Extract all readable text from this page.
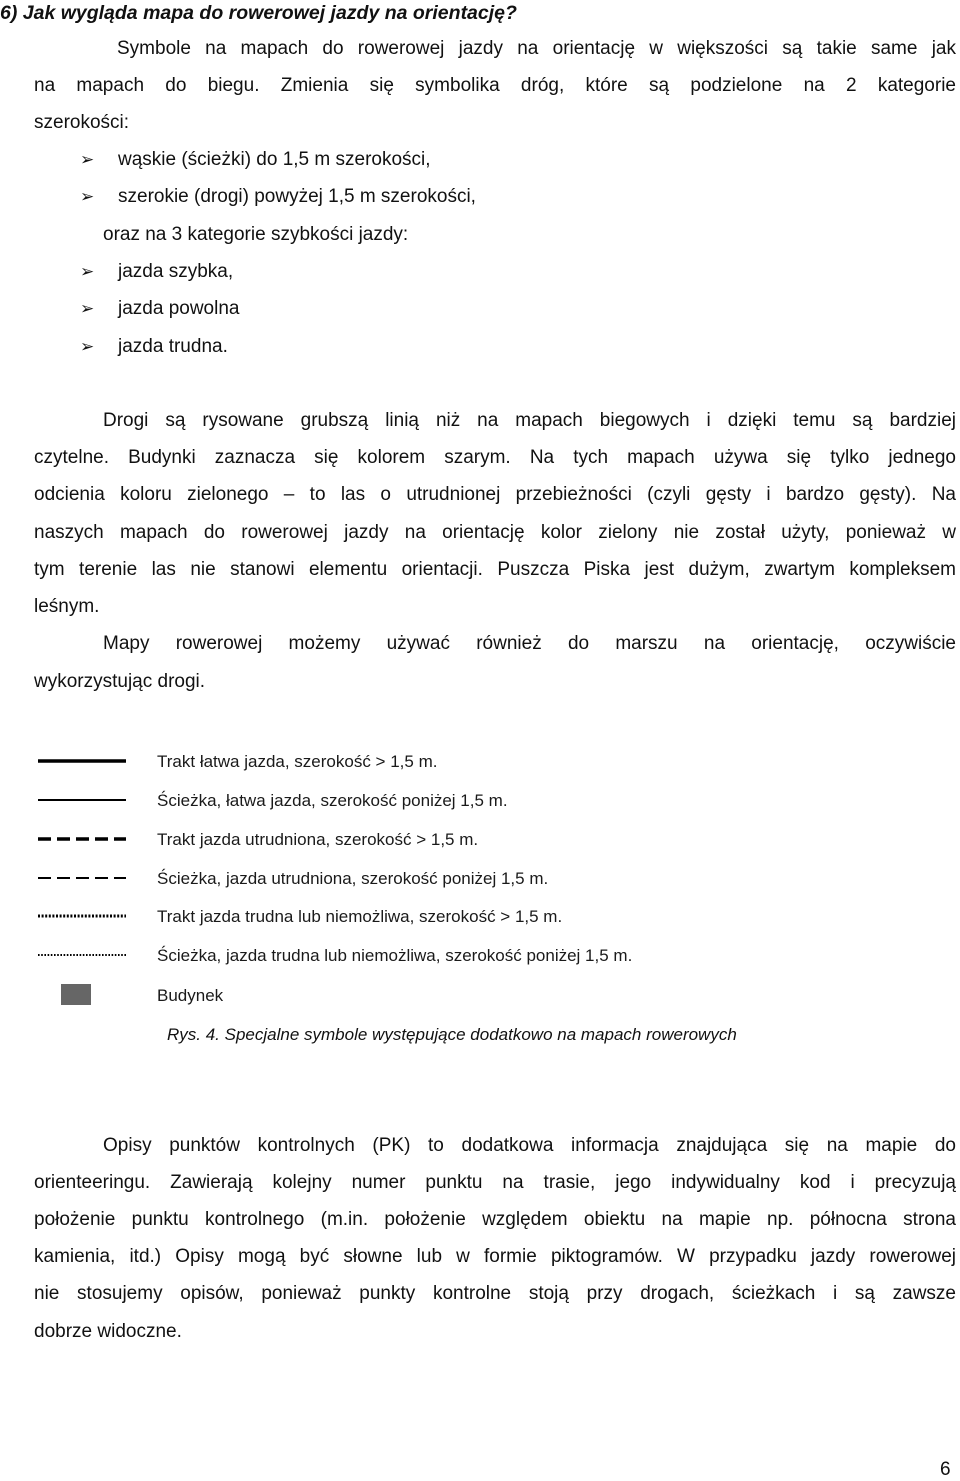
6) Jak wygląda mapa do rowerowej jazdy na orientację?
Symbole na mapach do rowerowej jazdy na orientację w większości są takie same jak
na mapach do biegu. Zmienia się symbolika dróg, które są podzielone na 2 kategorie
szerokości:
➢ wąskie (ścieżki) do 1,5 m szerokości,
➢ szerokie (drogi) powyżej 1,5 m szerokości,
oraz na 3 kategorie szybkości jazdy:
➢ jazda szybka,
➢ jazda powolna
➢ jazda trudna.
Drogi są rysowane grubszą linią niż na mapach biegowych i dzięki temu są bardziej
czytelne. Budynki zaznacza się kolorem szarym. Na tych mapach używa się tylko jednego
odcienia koloru zielonego – to las o utrudnionej przebieżności (czyli gęsty i bardzo gęsty). Na
naszych mapach do rowerowej jazdy na orientację kolor zielony nie został użyty, ponieważ w
tym terenie las nie stanowi elementu orientacji. Puszcza Piska jest dużym, zwartym kompleksem
leśnym.
Mapy rowerowej możemy używać również do marszu na orientację, oczywiście
wykorzystując drogi.
Trakt łatwa jazda, szerokość > 1,5 m.
Ścieżka, łatwa jazda, szerokość poniżej 1,5 m.
Trakt jazda utrudniona, szerokość > 1,5 m.
Ścieżka, jazda utrudniona, szerokość poniżej 1,5 m.
Trakt jazda trudna lub niemożliwa, szerokość > 1,5 m.
Ścieżka, jazda trudna lub niemożliwa, szerokość poniżej 1,5 m.
Budynek
Rys. 4. Specjalne symbole występujące dodatkowo na mapach rowerowych
Opisy punktów kontrolnych (PK) to dodatkowa informacja znajdująca się na mapie do
orienteeringu. Zawierają kolejny numer punktu na trasie, jego indywidualny kod i precyzują
położenie punktu kontrolnego (m.in. położenie względem obiektu na mapie np. północna strona
kamienia, itd.) Opisy mogą być słowne lub w formie piktogramów. W przypadku jazdy rowerowej
nie stosujemy opisów, ponieważ punkty kontrolne stoją przy drogach, ścieżkach i są zawsze
dobrze widoczne.
6
